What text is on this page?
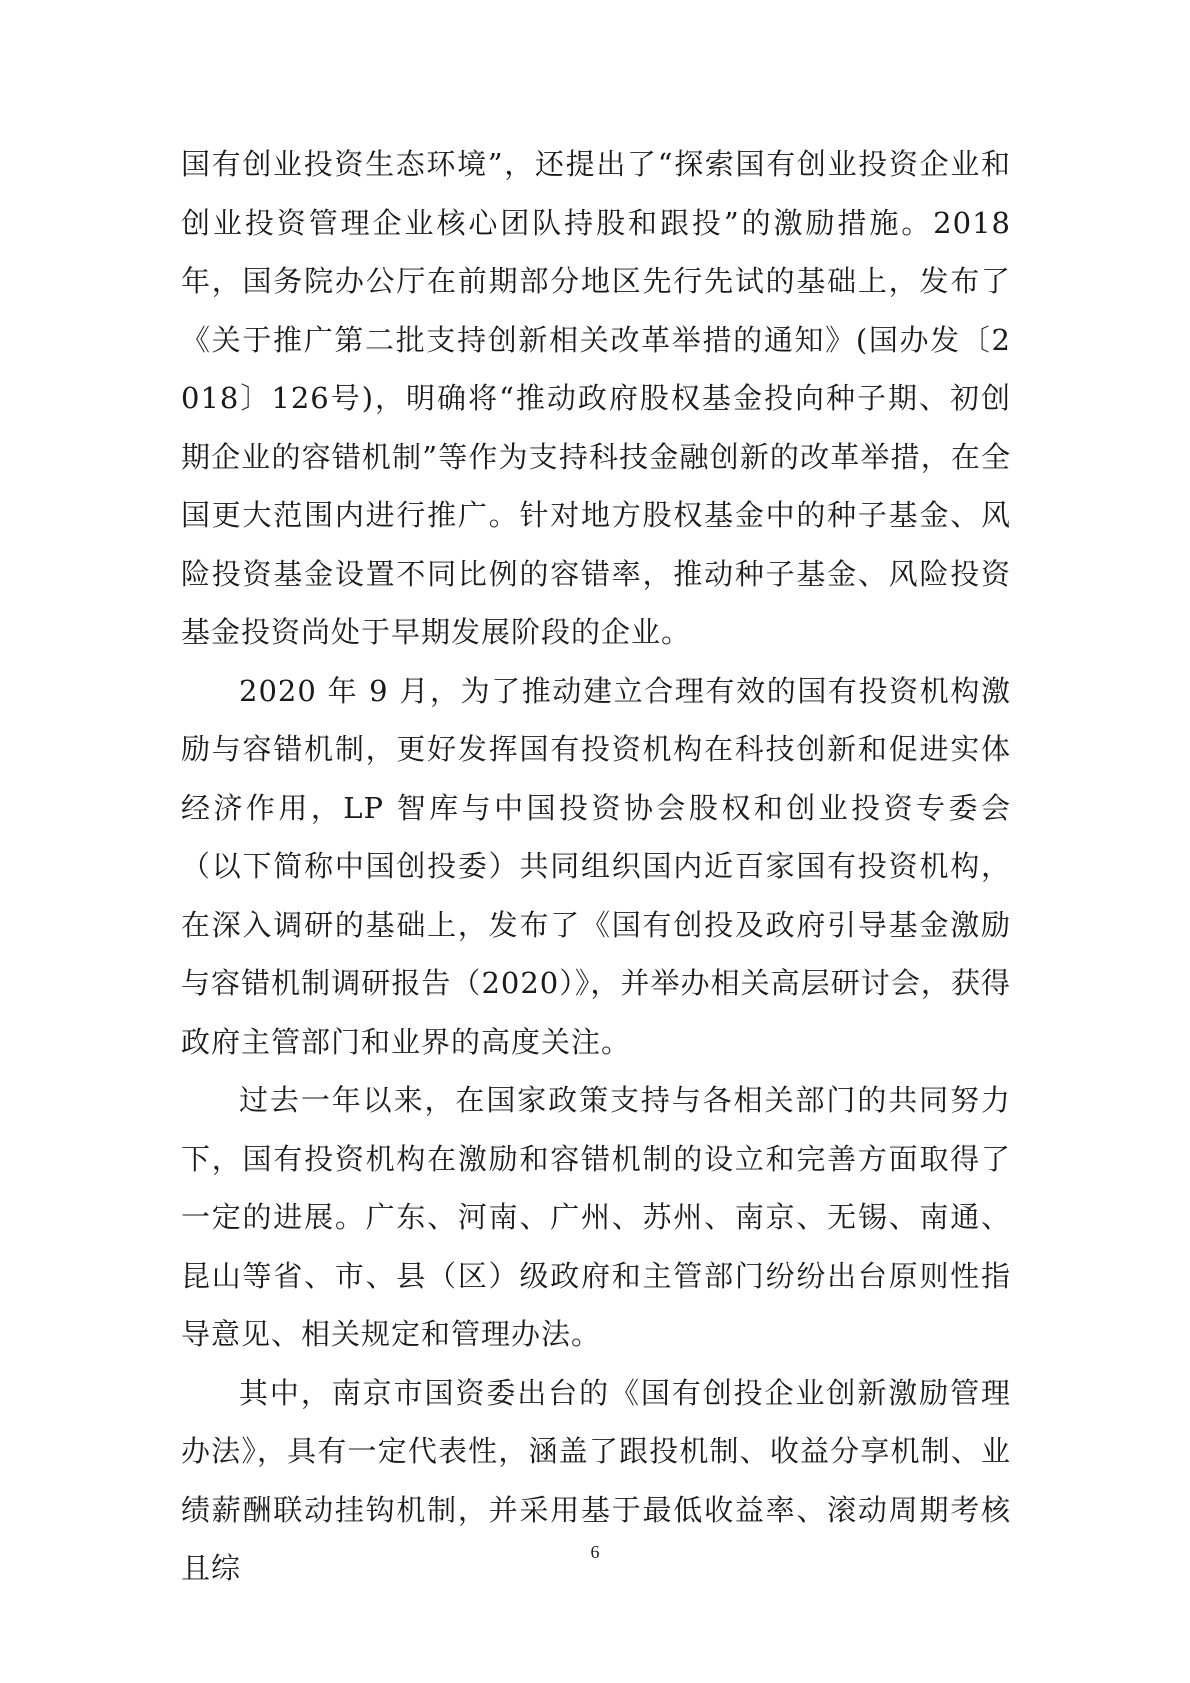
国有创业投资生态环境”，还提出了“探索国有创业投资企业和创业投资管理企业核心团队持股和跟投”的激励措施。2018 年，国务院办公厅在前期部分地区先行先试的基础上，发布了《关于推广第二批支持创新相关改革举措的通知》(国办发〔2018〕126号)，明确将“推动政府股权基金投向种子期、初创期企业的容错机制”等作为支持科技金融创新的改革举措，在全国更大范围内进行推广。针对地方股权基金中的种子基金、风险投资基金设置不同比例的容错率，推动种子基金、风险投资基金投资尚处于早期发展阶段的企业。

2020 年 9 月，为了推动建立合理有效的国有投资机构激励与容错机制，更好发挥国有投资机构在科技创新和促进实体经济作用，LP 智库与中国投资协会股权和创业投资专委会（以下简称中国创投委）共同组织国内近百家国有投资机构，在深入调研的基础上，发布了《国有创投及政府引导基金激励与容错机制调研报告（2020）》，并举办相关高层研讨会，获得政府主管部门和业界的高度关注。

过去一年以来，在国家政策支持与各相关部门的共同努力下，国有投资机构在激励和容错机制的设立和完善方面取得了一定的进展。广东、河南、广州、苏州、南京、无锡、南通、昆山等省、市、县（区）级政府和主管部门纷纷出台原则性指导意见、相关规定和管理办法。

其中，南京市国资委出台的《国有创投企业创新激励管理办法》，具有一定代表性，涵盖了跟投机制、收益分享机制、业绩薪酬联动挂钩机制，并采用基于最低收益率、滚动周期考核且综	6
